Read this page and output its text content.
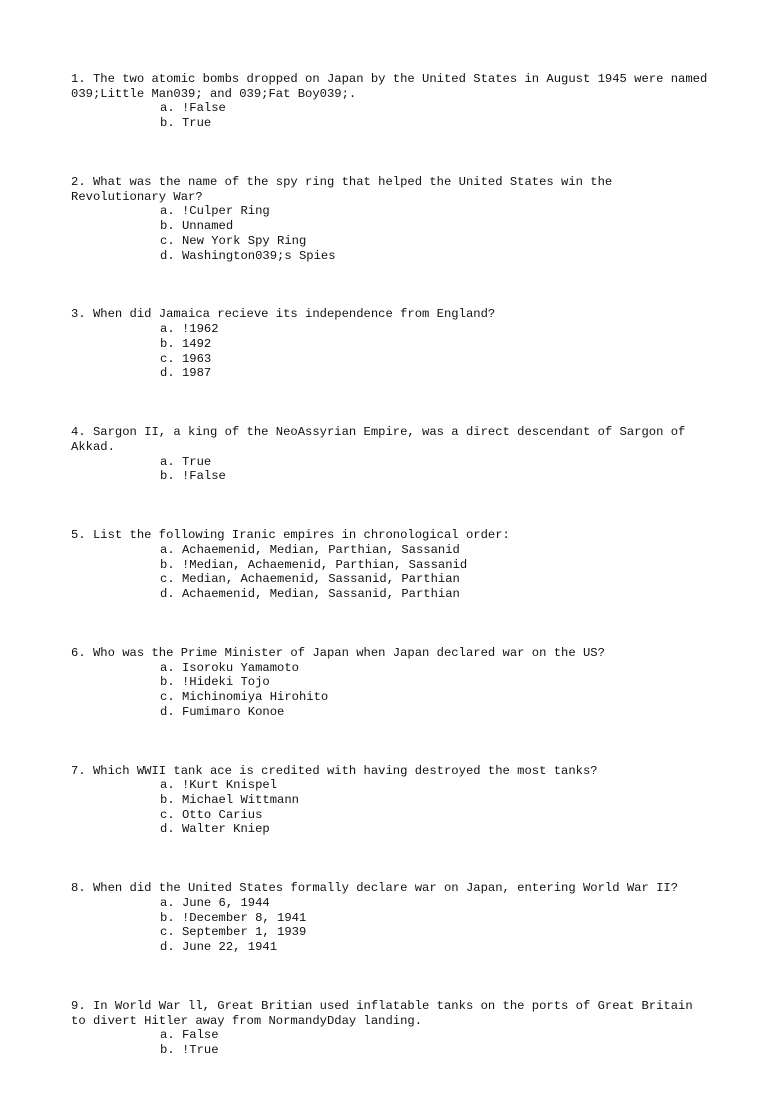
1. The two atomic bombs dropped on Japan by the United States in August 1945 were named 039;Little Man039; and 039;Fat Boy039;.

a. !False
b. True

2. What was the name of the spy ring that helped the United States win the Revolutionary War?

a. !Culper Ring
b. Unnamed
c. New York Spy Ring
d. Washington039;s Spies

3. When did Jamaica recieve its independence from England?

a. !1962
b. 1492
c. 1963
d. 1987

4. Sargon II, a king of the NeoAssyrian Empire, was a direct descendant of Sargon of Akkad.

a. True
b. !False

5. List the following Iranic empires in chronological order:

a. Achaemenid, Median, Parthian, Sassanid
b. !Median, Achaemenid, Parthian, Sassanid
c. Median, Achaemenid, Sassanid, Parthian
d. Achaemenid, Median, Sassanid, Parthian

6. Who was the Prime Minister of Japan when Japan declared war on the US?

a. Isoroku Yamamoto
b. !Hideki Tojo
c. Michinomiya Hirohito
d. Fumimaro Konoe

7. Which WWII tank ace is credited with having destroyed the most tanks?

a. !Kurt Knispel
b. Michael Wittmann
c. Otto Carius
d. Walter Kniep

8. When did the United States formally declare war on Japan, entering World War II?

a. June 6, 1944
b. !December 8, 1941
c. September 1, 1939
d. June 22, 1941

9. In World War ll, Great Britian used inflatable tanks on the ports of Great Britain to divert Hitler away from NormandyDday landing.

a. False
b. !True
